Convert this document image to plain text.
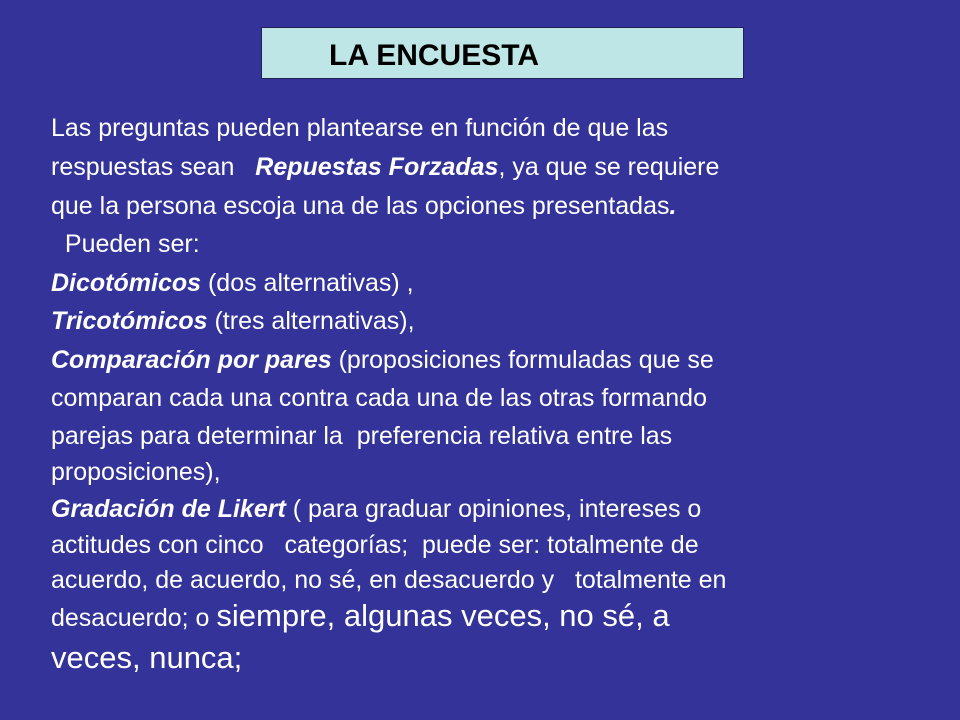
LA ENCUESTA
Las preguntas pueden plantearse en función de que las
respuestas sean   Repuestas Forzadas, ya que se requiere
que la persona escoja una de las opciones presentadas.
Pueden ser:
Dicotómicos (dos alternativas) ,
Tricotómicos (tres alternativas),
Comparación por pares (proposiciones formuladas que se
comparan cada una contra cada una de las otras formando
parejas para determinar la  preferencia relativa entre las
proposiciones),
Gradación de Likert ( para graduar opiniones, intereses o
actitudes con cinco   categorías;  puede ser: totalmente de
acuerdo, de acuerdo, no sé, en desacuerdo y   totalmente en
desacuerdo; o siempre, algunas veces, no sé, a
veces, nunca;
